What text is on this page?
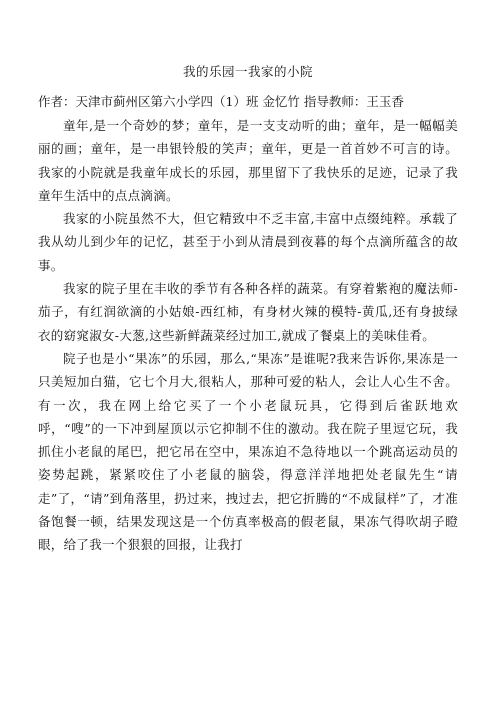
我的乐园一我家的小院
作者：天津市蓟州区第六小学四（1）班 金忆竹 指导教师：王玉香

童年,是一个奇妙的梦；童年，是一支支动听的曲；童年，是一幅幅美丽的画；童年，是一串银铃般的笑声；童年，更是一首首妙不可言的诗。我家的小院就是我童年成长的乐园，那里留下了我快乐的足迹，记录了我童年生活中的点点滴滴。

我家的小院虽然不大，但它精致中不乏丰富,丰富中点缀纯粹。承载了我从幼儿到少年的记忆，甚至于小到从清晨到夜暮的每个点滴所蕴含的故事。

我家的院子里在丰收的季节有各种各样的蔬菜。有穿着紫袍的魔法师-茄子，有红润欲滴的小姑娘-西红柿，有身材火辣的模特-黄瓜,还有身披绿衣的窈窕淑女-大葱,这些新鲜蔬菜经过加工,就成了餐桌上的美味佳肴。

院子也是小“果冻”的乐园，那么,“果冻”是谁呢?我来告诉你,果冻是一只美短加白猫，它七个月大,很粘人，那种可爱的粘人，会让人心生不舍。有一次，我在网上给它买了一个小老鼠玩具，它得到后雀跃地欢呼，“嗖”的一下冲到屋顶以示它抑制不住的激动。我在院子里逗它玩，我抓住小老鼠的尾巴，把它吊在空中，果冻迫不急待地以一个跳高运动员的姿势起跳，紧紧咬住了小老鼠的脑袋，得意洋洋地把处老鼠先生“请走”了，“请”到角落里，扔过来，拽过去，把它折腾的“不成鼠样”了，才准备饱餐一顿，结果发现这是一个仿真率极高的假老鼠，果冻气得吹胡子瞪眼，给了我一个狠狠的回报，让我打
